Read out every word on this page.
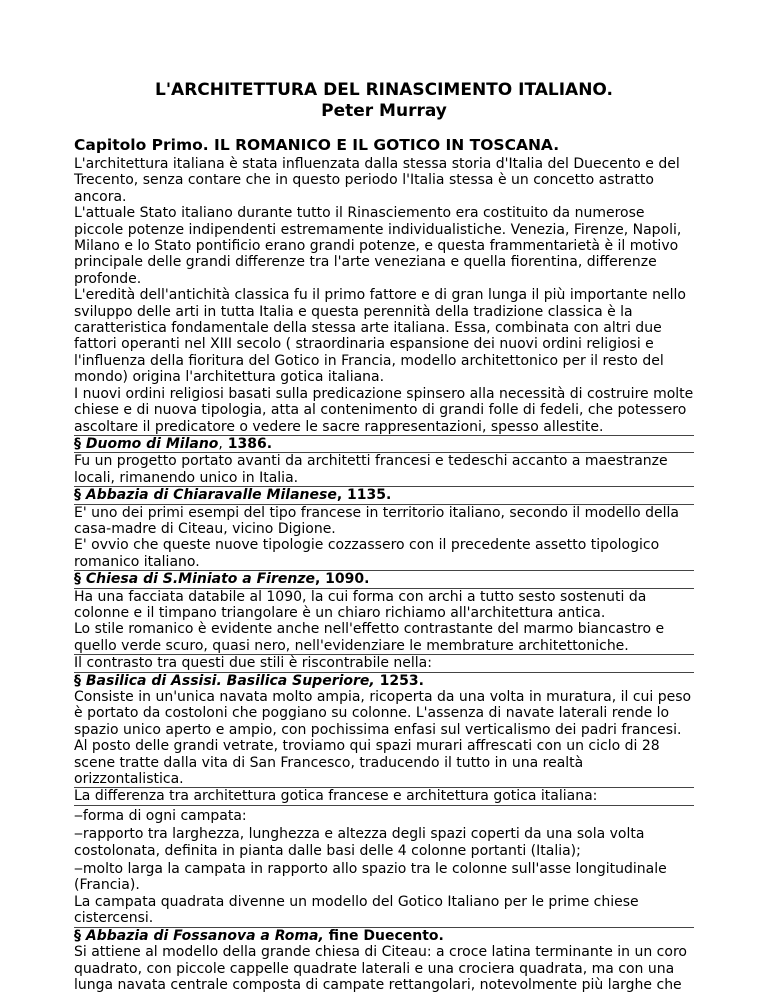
L'ARCHITETTURA DEL RINASCIMENTO ITALIANO.

Peter Murray

Capitolo Primo. IL ROMANICO E IL GOTICO IN TOSCANA.

L'architettura italiana è stata influenzata dalla stessa storia d'Italia del Duecento e del Trecento, senza contare che in questo periodo l'Italia stessa è un concetto astratto ancora.

L'attuale Stato italiano durante tutto il Rinasciemento era costituito da numerose piccole potenze indipendenti estremamente individualistiche. Venezia, Firenze, Napoli, Milano e lo Stato pontificio erano grandi potenze, e questa frammentarietà è il motivo principale delle grandi differenze tra l'arte veneziana e quella fiorentina, differenze profonde.

L'eredità dell'antichità classica fu il primo fattore e di gran lunga il più importante nello sviluppo delle arti in tutta Italia e questa perennità della tradizione classica è la caratteristica fondamentale della stessa arte italiana. Essa, combinata con altri due fattori operanti nel XIII secolo ( straordinaria espansione dei nuovi ordini religiosi e l'influenza della fioritura del Gotico in Francia, modello architettonico per il resto del mondo) origina l'architettura gotica italiana.

I nuovi ordini religiosi basati sulla predicazione spinsero alla necessità di costruire molte chiese e di nuova tipologia, atta al contenimento di grandi folle di fedeli, che potessero ascoltare il predicatore o vedere le sacre rappresentazioni, spesso allestite.

§ Duomo di Milano, 1386.

Fu un progetto portato avanti da architetti francesi e tedeschi accanto a maestranze locali, rimanendo unico in Italia.

§ Abbazia di Chiaravalle Milanese, 1135.

E' uno dei primi esempi del tipo francese in territorio italiano, secondo il modello della casa-madre di Citeau, vicino Digione.

E' ovvio che queste nuove tipologie cozzassero con il precedente assetto tipologico romanico italiano.

§ Chiesa di S.Miniato a Firenze, 1090.

Ha una facciata databile al 1090, la cui forma con archi a tutto sesto sostenuti da colonne e il timpano triangolare è un chiaro richiamo all'architettura antica.

Lo stile romanico è evidente anche nell'effetto contrastante del marmo biancastro e quello verde scuro, quasi nero, nell'evidenziare le membrature architettoniche.

Il contrasto tra questi due stili è riscontrabile nella:

§ Basilica di Assisi. Basilica Superiore, 1253.

Consiste in un'unica navata molto ampia, ricoperta da una volta in muratura, il cui peso è portato da costoloni che poggiano su colonne. L'assenza di navate laterali rende lo spazio unico aperto e ampio, con pochissima enfasi sul verticalismo dei padri francesi. Al posto delle grandi vetrate, troviamo qui spazi murari affrescati con un ciclo di 28 scene tratte dalla vita di San Francesco, traducendo il tutto in una realtà orizzontalistica.

La differenza tra architettura gotica francese e architettura gotica italiana:

‒forma di ogni campata:

‒rapporto tra larghezza, lunghezza e altezza degli spazi coperti da una sola volta costolonata, definita in pianta dalle basi delle 4 colonne portanti (Italia);

‒molto larga la campata in rapporto allo spazio tra le colonne sull'asse longitudinale (Francia).

La campata quadrata divenne un modello del Gotico Italiano per le prime chiese cistercensi.

§ Abbazia di Fossanova a Roma, fine Duecento.

Si attiene al modello della grande chiesa di Citeau: a croce latina terminante in un coro quadrato, con piccole cappelle quadrate laterali e una crociera quadrata, ma con una lunga navata centrale composta di campate rettangolari, notevolmente più larghe che
